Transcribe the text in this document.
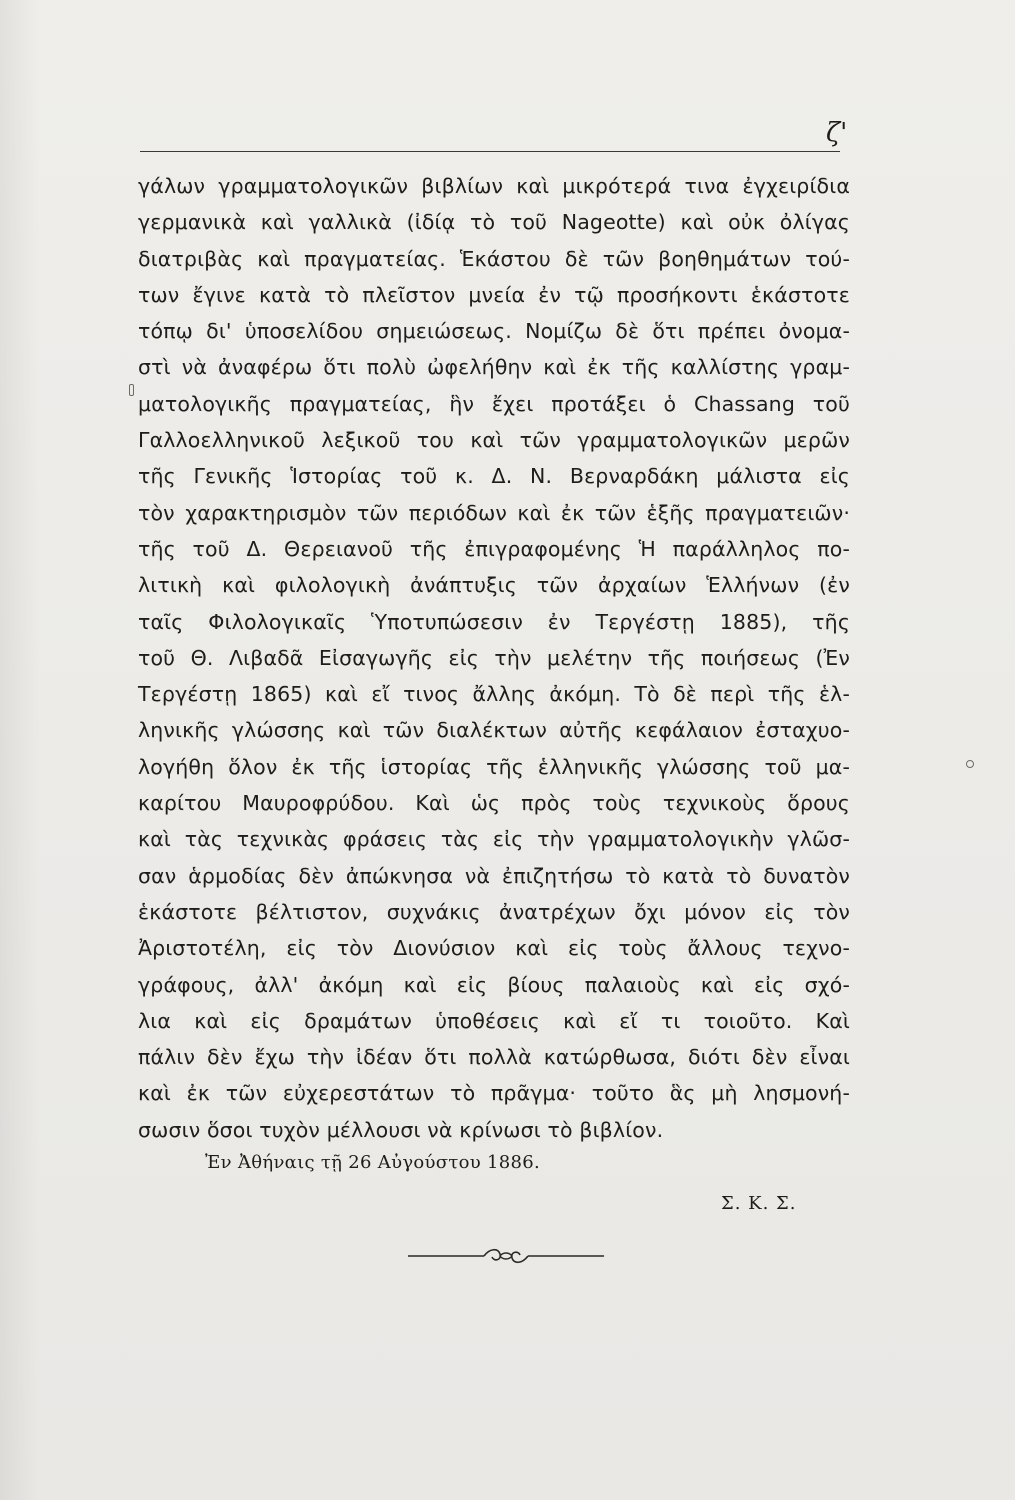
ζ'
γάλων γραμματολογικῶν βιβλίων καὶ μικρότερά τινα ἐγχειρίδια
γερμανικὰ καὶ γαλλικὰ (ἰδίᾳ τὸ τοῦ Nageotte) καὶ οὐκ ὀλίγας
διατριβὰς καὶ πραγματείας. Ἑκάστου δὲ τῶν βοηθημάτων τού-
των ἔγινε κατὰ τὸ πλεῖστον μνεία ἐν τῷ προσήκοντι ἑκάστοτε
τόπῳ δι' ὑποσελίδου σημειώσεως. Νομίζω δὲ ὅτι πρέπει ὀνομα-
στὶ νὰ ἀναφέρω ὅτι πολὺ ὠφελήθην καὶ ἐκ τῆς καλλίστης γραμ-
ματολογικῆς πραγματείας, ἣν ἔχει προτάξει ὁ Chassang τοῦ
Γαλλοελληνικοῦ λεξικοῦ του καὶ τῶν γραμματολογικῶν μερῶν
τῆς Γενικῆς Ἱστορίας τοῦ κ. Δ. Ν. Βερναρδάκη μάλιστα εἰς
τὸν χαρακτηρισμὸν τῶν περιόδων καὶ ἐκ τῶν ἑξῆς πραγματειῶν·
τῆς τοῦ Δ. Θερειανοῦ τῆς ἐπιγραφομένης Ἡ παράλληλος πο-
λιτικὴ καὶ φιλολογικὴ ἀνάπτυξις τῶν ἀρχαίων Ἑλλήνων (ἐν
ταῖς Φιλολογικαῖς Ὑποτυπώσεσιν ἐν Τεργέστῃ 1885), τῆς
τοῦ Θ. Λιβαδᾶ Εἰσαγωγῆς εἰς τὴν μελέτην τῆς ποιήσεως (Ἐν
Τεργέστῃ 1865) καὶ εἴ τινος ἄλλης ἀκόμη. Τὸ δὲ περὶ τῆς ἑλ-
ληνικῆς γλώσσης καὶ τῶν διαλέκτων αὐτῆς κεφάλαιον ἐσταχυο-
λογήθη ὅλον ἐκ τῆς ἱστορίας τῆς ἑλληνικῆς γλώσσης τοῦ μα-
καρίτου Μαυροφρύδου. Καὶ ὡς πρὸς τοὺς τεχνικοὺς ὅρους
καὶ τὰς τεχνικὰς φράσεις τὰς εἰς τὴν γραμματολογικὴν γλῶσ-
σαν ἁρμοδίας δὲν ἀπώκνησα νὰ ἐπιζητήσω τὸ κατὰ τὸ δυνατὸν
ἑκάστοτε βέλτιστον, συχνάκις ἀνατρέχων ὄχι μόνον εἰς τὸν
Ἀριστοτέλη, εἰς τὸν Διονύσιον καὶ εἰς τοὺς ἄλλους τεχνο-
γράφους, ἀλλ' ἀκόμη καὶ εἰς βίους παλαιοὺς καὶ εἰς σχό-
λια καὶ εἰς δραμάτων ὑποθέσεις καὶ εἴ τι τοιοῦτο. Καὶ
πάλιν δὲν ἔχω τὴν ἰδέαν ὅτι πολλὰ κατώρθωσα, διότι δὲν εἶναι
καὶ ἐκ τῶν εὐχερεστάτων τὸ πρᾶγμα· τοῦτο ἃς μὴ λησμονή-
σωσιν ὅσοι τυχὸν μέλλουσι νὰ κρίνωσι τὸ βιβλίον.
Ἐν Ἀθήναις τῇ 26 Αὐγούστου 1886.
Σ. Κ. Σ.
